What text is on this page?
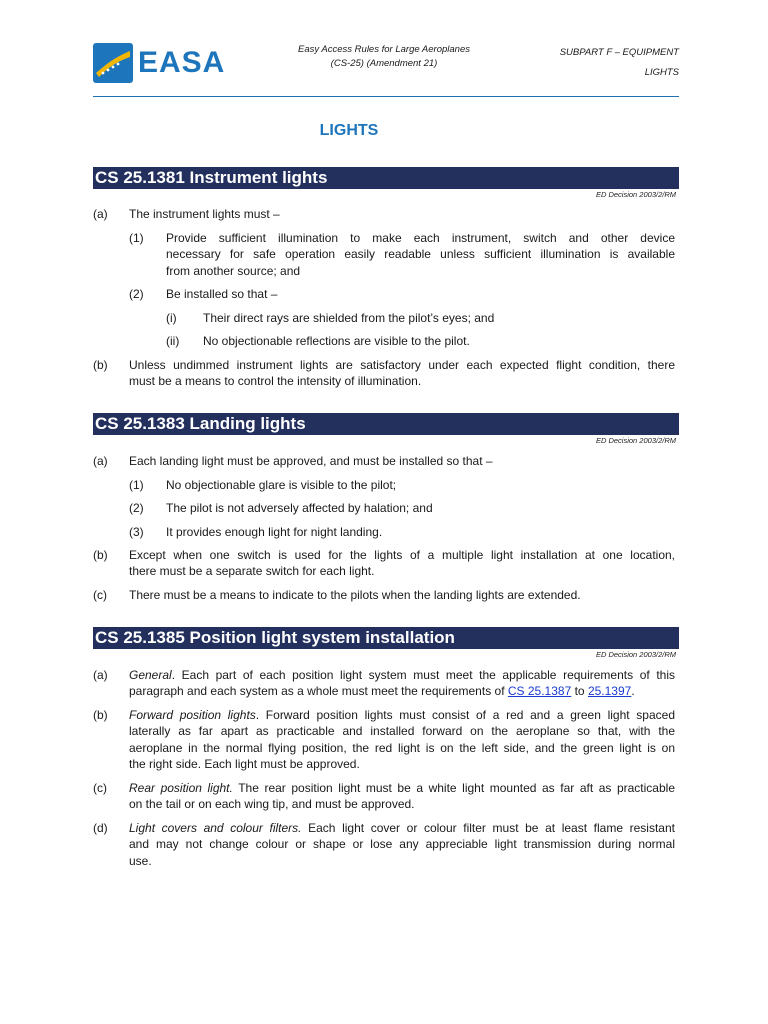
EASA	Easy Access Rules for Large Aeroplanes
(CS-25) (Amendment 21)
SUBPART F – EQUIPMENT
LIGHTS
LIGHTS
CS 25.1381 Instrument lights
ED Decision 2003/2/RM
(a) The instrument lights must –
(1) Provide sufficient illumination to make each instrument, switch and other device
necessary for safe operation easily readable unless sufficient illumination is available
from another source; and
(2) Be installed so that –
(i) Their direct rays are shielded from the pilot’s eyes; and
(ii) No objectionable reflections are visible to the pilot.
(b) Unless undimmed instrument lights are satisfactory under each expected flight condition, there
must be a means to control the intensity of illumination.
CS 25.1383 Landing lights
ED Decision 2003/2/RM
(a) Each landing light must be approved, and must be installed so that –
(1) No objectionable glare is visible to the pilot;
(2) The pilot is not adversely affected by halation; and
(3) It provides enough light for night landing.
(b) Except when one switch is used for the lights of a multiple light installation at one location,
there must be a separate switch for each light.
(c) There must be a means to indicate to the pilots when the landing lights are extended.
CS 25.1385 Position light system installation
ED Decision 2003/2/RM
(a) General. Each part of each position light system must meet the applicable requirements of this
paragraph and each system as a whole must meet the requirements of CS 25.1387 to 25.1397.
(b) Forward position lights. Forward position lights must consist of a red and a green light spaced
laterally as far apart as practicable and installed forward on the aeroplane so that, with the
aeroplane in the normal flying position, the red light is on the left side, and the green light is on
the right side. Each light must be approved.
(c) Rear position light. The rear position light must be a white light mounted as far aft as practicable
on the tail or on each wing tip, and must be approved.
(d) Light covers and colour filters. Each light cover or colour filter must be at least flame resistant
and may not change colour or shape or lose any appreciable light transmission during normal
use.
